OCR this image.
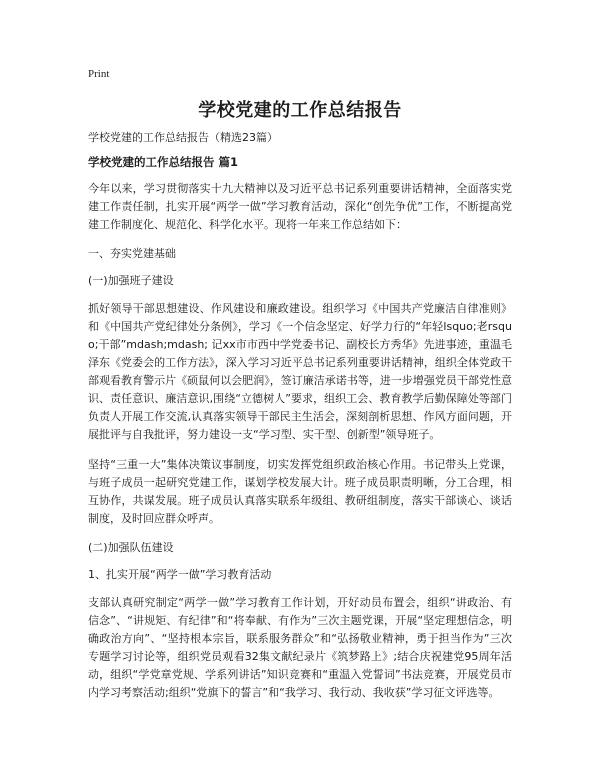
Print
学校党建的工作总结报告
学校党建的工作总结报告（精选23篇）
学校党建的工作总结报告 篇1

今年以来，学习贯彻落实十九大精神以及习近平总书记系列重要讲话精神，全面落实党建工作责任制，扎实开展“两学一做”学习教育活动，深化“创先争优”工作，不断提高党建工作制度化、规范化、科学化水平。现将一年来工作总结如下：

一、夯实党建基础
(一)加强班子建设

抓好领导干部思想建设、作风建设和廉政建设。组织学习《中国共产党廉洁自律准则》和《中国共产党纪律处分条例》，学习《一个信念坚定、好学力行的“年轻lsquo;老rsquo;干部”mdash;mdash; 记xx市市西中学党委书记、副校长方秀华》先进事迹，重温毛泽东《党委会的工作方法》，深入学习习近平总书记系列重要讲话精神，组织全体党政干部观看教育警示片《硕鼠何以会肥润》，签订廉洁承诺书等，进一步增强党员干部党性意识、责任意识、廉洁意识,围绕“立德树人”要求，组织工会、教育教学后勤保障处等部门负责人开展工作交流,认真落实领导干部民主生活会，深刻剖析思想、作风方面问题，开展批评与自我批评，努力建设一支“学习型、实干型、创新型”领导班子。

坚持“三重一大”集体决策议事制度，切实发挥党组织政治核心作用。书记带头上党课，与班子成员一起研究党建工作，谋划学校发展大计。班子成员职责明晰，分工合理，相互协作，共谋发展。班子成员认真落实联系年级组、教研组制度，落实干部谈心、谈话制度，及时回应群众呼声。

(二)加强队伍建设
1、扎实开展“两学一做”学习教育活动

支部认真研究制定“两学一做”学习教育工作计划，开好动员布置会，组织“讲政治、有信念”、“讲规矩、有纪律”和“将奉献、有作为”三次主题党课，开展“坚定理想信念，明确政治方向”、“坚持根本宗旨，联系服务群众”和“弘扬敬业精神，勇于担当作为”三次专题学习讨论等，组织党员观看32集文献纪录片《筑梦路上》;结合庆祝建党95周年活动，组织“学党章党规、学系列讲话”知识竞赛和“重温入党誓词”书法竞赛，开展党员市内学习考察活动;组织“党旗下的誓言”和“我学习、我行动、我收获”学习征文评选等。
